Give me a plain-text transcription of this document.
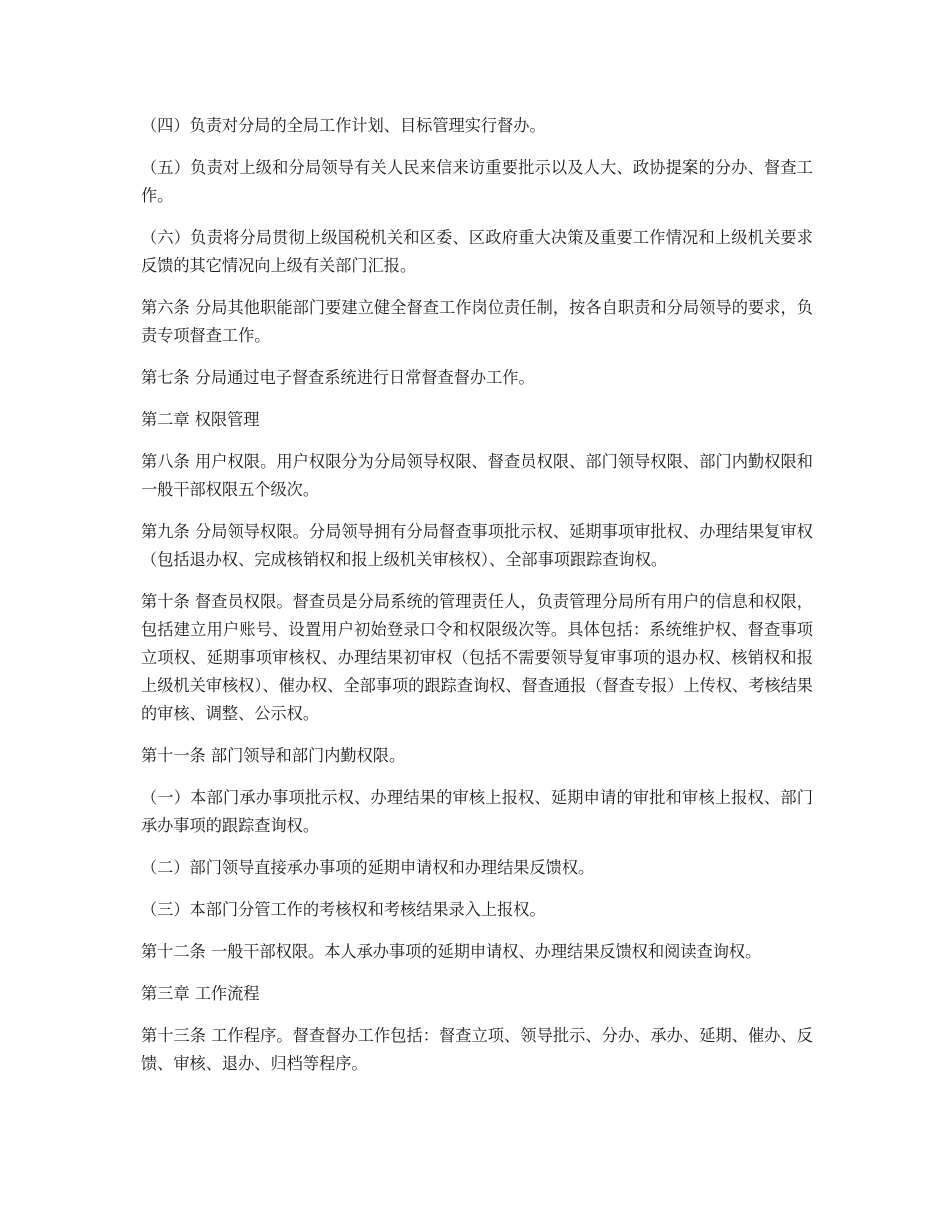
（四）负责对分局的全局工作计划、目标管理实行督办。

（五）负责对上级和分局领导有关人民来信来访重要批示以及人大、政协提案的分办、督查工作。

（六）负责将分局贯彻上级国税机关和区委、区政府重大决策及重要工作情况和上级机关要求反馈的其它情况向上级有关部门汇报。

第六条 分局其他职能部门要建立健全督查工作岗位责任制，按各自职责和分局领导的要求，负责专项督查工作。

第七条 分局通过电子督查系统进行日常督查督办工作。

第二章 权限管理

第八条 用户权限。用户权限分为分局领导权限、督查员权限、部门领导权限、部门内勤权限和一般干部权限五个级次。

第九条 分局领导权限。分局领导拥有分局督查事项批示权、延期事项审批权、办理结果复审权（包括退办权、完成核销权和报上级机关审核权）、全部事项跟踪查询权。

第十条 督查员权限。督查员是分局系统的管理责任人，负责管理分局所有用户的信息和权限，包括建立用户账号、设置用户初始登录口令和权限级次等。具体包括：系统维护权、督查事项立项权、延期事项审核权、办理结果初审权（包括不需要领导复审事项的退办权、核销权和报上级机关审核权）、催办权、全部事项的跟踪查询权、督查通报（督查专报）上传权、考核结果的审核、调整、公示权。

第十一条 部门领导和部门内勤权限。

（一）本部门承办事项批示权、办理结果的审核上报权、延期申请的审批和审核上报权、部门承办事项的跟踪查询权。

（二）部门领导直接承办事项的延期申请权和办理结果反馈权。

（三）本部门分管工作的考核权和考核结果录入上报权。

第十二条 一般干部权限。本人承办事项的延期申请权、办理结果反馈权和阅读查询权。

第三章 工作流程

第十三条 工作程序。督查督办工作包括：督查立项、领导批示、分办、承办、延期、催办、反馈、审核、退办、归档等程序。
